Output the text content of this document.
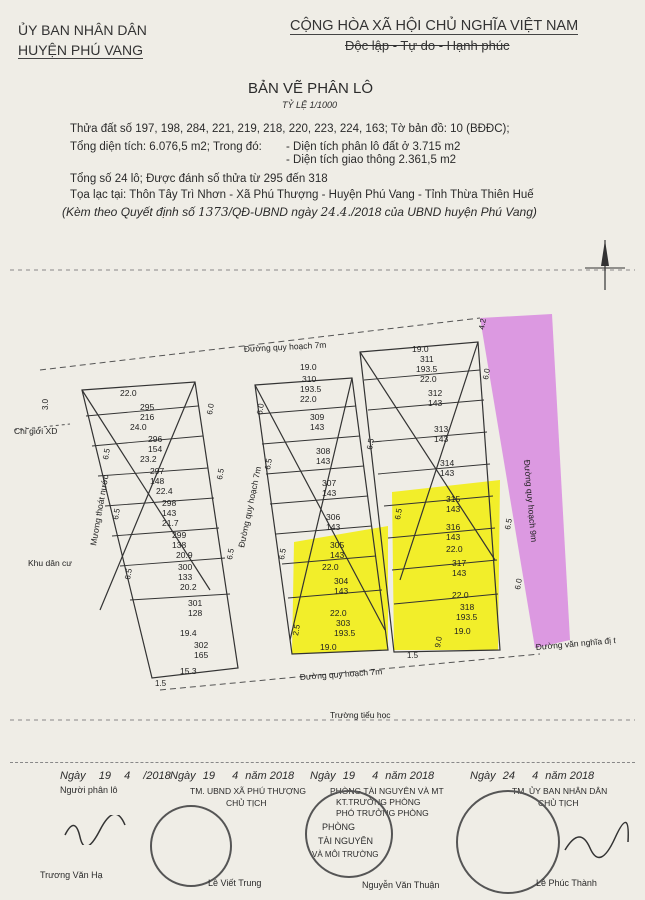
ỦY BAN NHÂN DÂN
HUYỆN PHÚ VANG
CỘNG HÒA XÃ HỘI CHỦ NGHĨA VIỆT NAM
Độc lập - Tự do - Hạnh phúc
BẢN VẼ PHÂN LÔ
TỶ LỆ 1/1000
Thửa đất số 197, 198, 284, 221, 219, 218, 220, 223, 224, 163; Tờ bản đồ: 10 (BĐĐC);
Tổng diện tích: 6.076,5 m2; Trong đó: - Diện tích phân lô đất ở 3.715 m2
- Diện tích giao thông 2.361,5 m2
Tổng số 24 lô; Được đánh số thửa từ 295 đến 318
Tọa lạc tại: Thôn Tây Trì Nhơn - Xã Phú Thượng - Huyện Phú Vang - Tỉnh Thừa Thiên Huế
(Kèm theo Quyết định số 1373/QĐ-UBND ngày 24.4./2018 của UBND huyện Phú Vang)
22.0
295
216
24.0
296
154
23.2
297
148
22.4
298
143
21.7
299
138
20.9
300
133
20.2
301
128
19.4
302
165
15.3
19.0
310
193.5
22.0
309
143
308
143
307
143
306
143
305
143
22.0
304
143
22.0
303
193.5
19.0
19.0
311
193.5
22.0
312
143
313
143
314
143
315
143
316
143
22.0
317
143
22.0
318
193.5
19.0
3.0
1.5
1.5
6.0	6.0
6.0
6.5
6.5
6.5
6.5
6.5
6.5
6.5
6.5
6.5
6.5
6.0
9.0
2.5
4.2
Đường quy hoạch 7m
Đường quy hoạch 7m
Đường quy hoạch 7m	Đường quy hoạch 9m
Đường văn nghĩa đị t
Mương thoát nước
Chỉ giới XD
Khu dân cư
Trường tiểu học
Ngày 19 4 /2018
Người phân lô
Trương Văn Hạ
Ngày 19 4 năm 2018
TM. UBND XÃ PHÚ THƯỢNG
CHỦ TỊCH
Lê Viết Trung
Ngày 19 4 năm 2018
PHÒNG TÀI NGUYÊN VÀ MT
KT.TRƯỞNG PHÒNG
PHÓ TRƯỞNG PHÒNG
PHÒNG
TÀI NGUYÊN
VÀ MÔI TRƯỜNG
Nguyễn Văn Thuận
Ngày 24 4 năm 2018
TM. ỦY BAN NHÂN DÂN
CHỦ TỊCH
Lê Phúc Thành
